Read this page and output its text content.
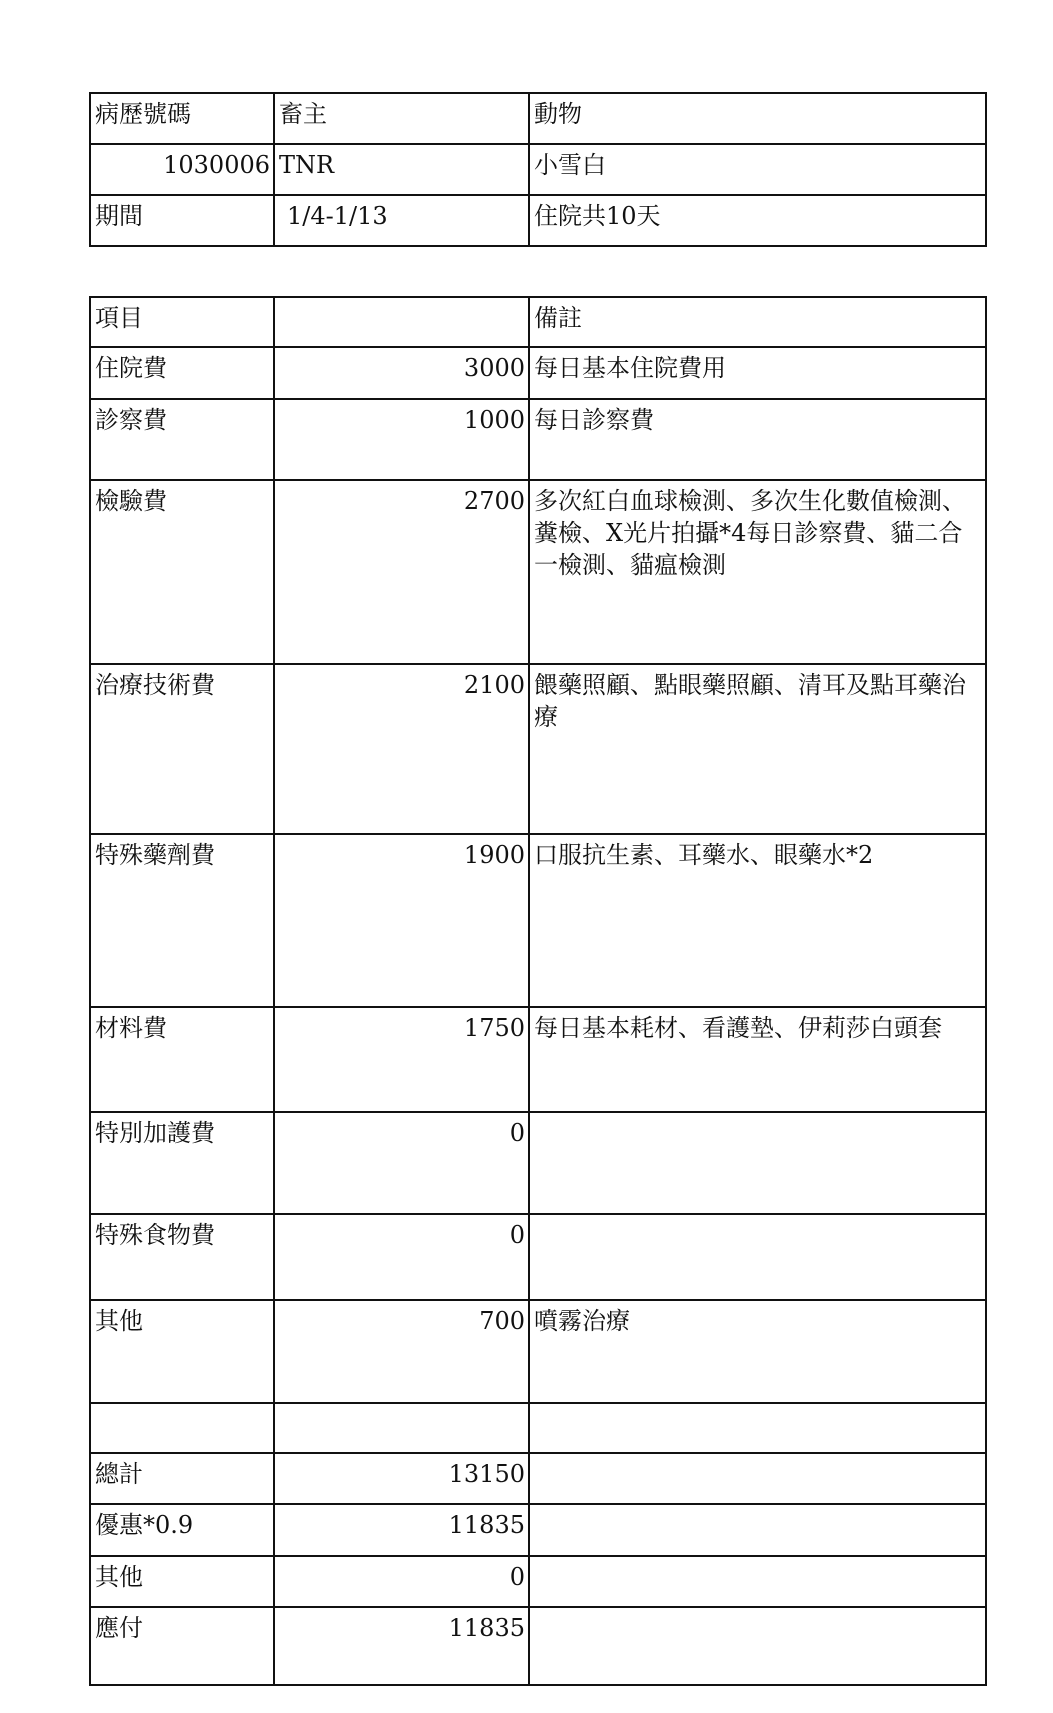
病歷號碼	畜主	動物
1030006	TNR	小雪白
期間	1/4-1/13	住院共10天
項目		備註
住院費	3000	每日基本住院費用
診察費	1000	每日診察費
檢驗費	2700	多次紅白血球檢測、多次生化數值檢測、糞檢、X光片拍攝*4每日診察費、貓二合一檢測、貓瘟檢測
治療技術費	2100	餵藥照顧、點眼藥照顧、清耳及點耳藥治療
特殊藥劑費	1900	口服抗生素、耳藥水、眼藥水*2
材料費	1750	每日基本耗材、看護墊、伊莉莎白頭套
特別加護費	0	
特殊食物費	0	
其他	700	噴霧治療

總計	13150	
優惠*0.9	11835	
其他	0	
應付	11835	
